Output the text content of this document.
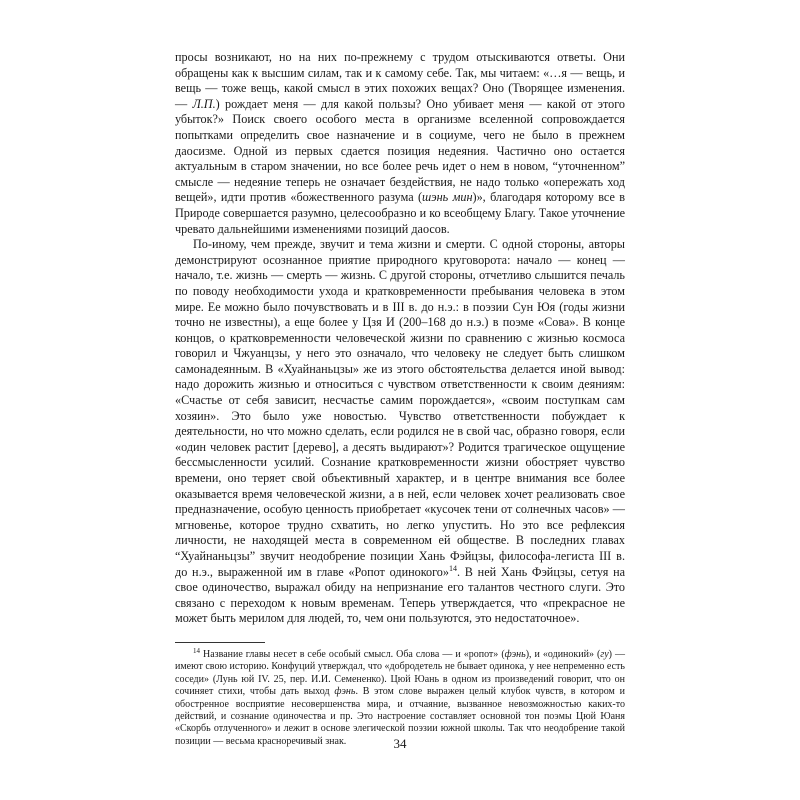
просы возникают, но на них по-прежнему с трудом отыскиваются ответы. Они обращены как к высшим силам, так и к самому себе. Так, мы читаем: «…я — вещь, и вещь — тоже вещь, какой смысл в этих похожих вещах? Оно (Творящее изменения. — Л.П.) рождает меня — для какой пользы? Оно убивает меня — какой от этого убыток?» Поиск своего особого места в организме вселенной сопровождается попытками определить свое назначение и в социуме, чего не было в прежнем даосизме. Одной из первых сдается позиция недеяния. Частично оно остается актуальным в старом значении, но все более речь идет о нем в новом, “уточненном” смысле — недеяние теперь не означает бездействия, не надо только «опережать ход вещей», идти против «божественного разума (шэнь мин)», благодаря которому все в Природе совершается разумно, целесообразно и ко всеобщему Благу. Такое уточнение чревато дальнейшими изменениями позиций даосов.

По-иному, чем прежде, звучит и тема жизни и смерти. С одной стороны, авторы демонстрируют осознанное приятие природного круговорота: начало — конец — начало, т.е. жизнь — смерть — жизнь. С другой стороны, отчетливо слышится печаль по поводу необходимости ухода и кратковременности пребывания человека в этом мире. Ее можно было почувствовать и в III в. до н.э.: в поэзии Сун Юя (годы жизни точно не известны), а еще более у Цзя И (200–168 до н.э.) в поэме «Сова». В конце концов, о кратковременности человеческой жизни по сравнению с жизнью космоса говорил и Чжуанцзы, у него это означало, что человеку не следует быть слишком самонадеянным. В «Хуайнаньцзы» же из этого обстоятельства делается иной вывод: надо дорожить жизнью и относиться с чувством ответственности к своим деяниям: «Счастье от себя зависит, несчастье самим порождается», «своим поступкам сам хозяин». Это было уже новостью. Чувство ответственности побуждает к деятельности, но что можно сделать, если родился не в свой час, образно говоря, если «один человек растит [дерево], а десять выдирают»? Родится трагическое ощущение бессмысленности усилий. Сознание кратковременности жизни обостряет чувство времени, оно теряет свой объективный характер, и в центре внимания все более оказывается время человеческой жизни, а в ней, если человек хочет реализовать свое предназначение, особую ценность приобретает «кусочек тени от солнечных часов» — мгновенье, которое трудно схватить, но легко упустить. Но это все рефлексия личности, не находящей места в современном ей обществе. В последних главах “Хуайнаньцзы” звучит неодобрение позиции Хань Фэйцзы, философа-легиста III в. до н.э., выраженной им в главе «Ропот одинокого»$^{14}$. В ней Хань Фэйцзы, сетуя на свое одиночество, выражал обиду на непризнание его талантов честного слуги. Это связано с переходом к новым временам. Теперь утверждается, что «прекрасное не может быть мерилом для людей, то, чем они пользуются, это недостаточное».

$^{14}$ Название главы несет в себе особый смысл. Оба слова — и «ропот» (фэнь), и «одинокий» (гу) — имеют свою историю. Конфуций утверждал, что «добродетель не бывает одинока, у нее непременно есть соседи» (Лунь юй IV. 25, пер. И.И. Семененко). Цюй Юань в одном из произведений говорит, что он сочиняет стихи, чтобы дать выход фэнь. В этом слове выражен целый клубок чувств, в котором и обостренное восприятие несовершенства мира, и отчаяние, вызванное невозможностью каких-то действий, и сознание одиночества и пр. Это настроение составляет основной тон поэмы Цюй Юаня «Скорбь отлученного» и лежит в основе элегической поэзии южной школы. Так что неодобрение такой позиции — весьма красноречивый знак.	34
